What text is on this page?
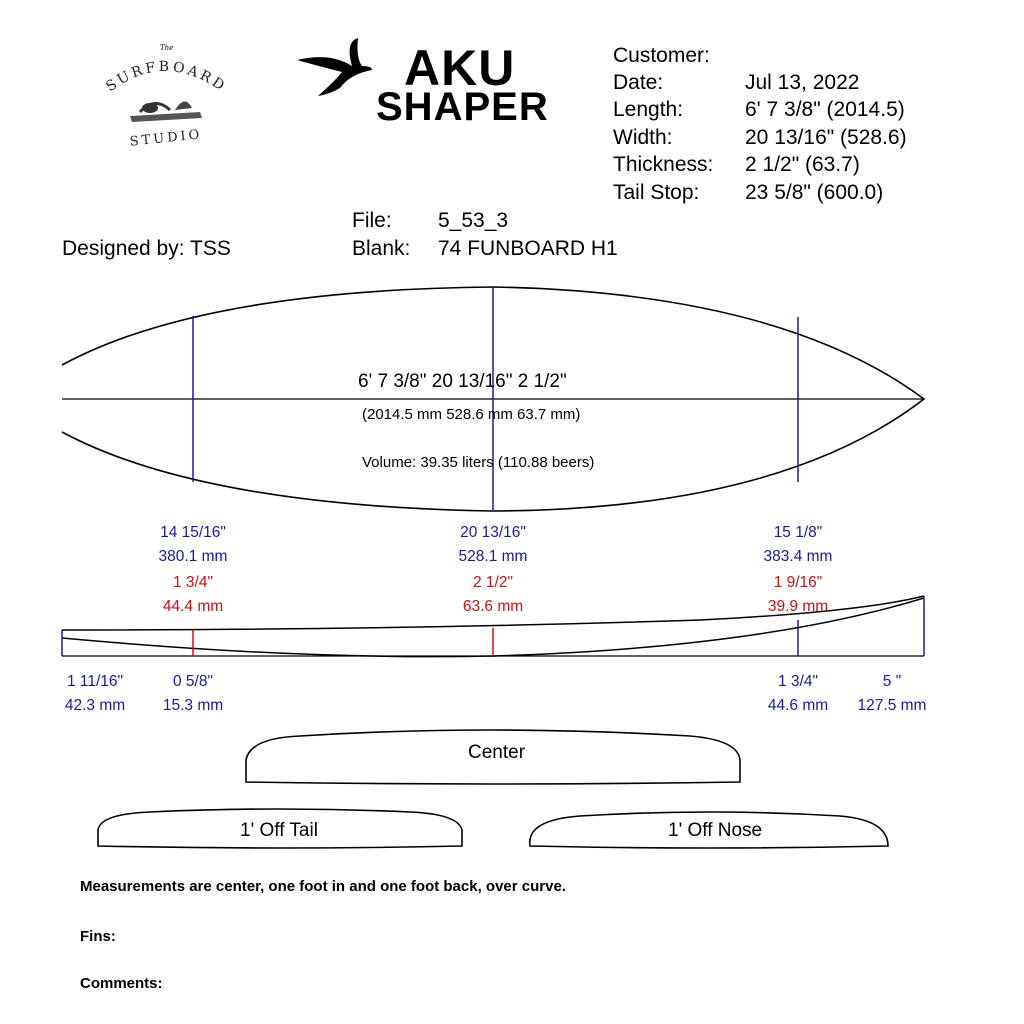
The
SURFBOARD
STUDIO
AKU
SHAPER
Customer:
Date:	Jul 13, 2022
Length:	6' 7 3/8" (2014.5)
Width:	20 13/16" (528.6)
Thickness: 2 1/2" (63.7)
Tail Stop: 23 5/8" (600.0)
File: 5_53_3
Blank: 74 FUNBOARD H1
Designed by: TSS
6' 7 3/8" 20 13/16" 2 1/2"
(2014.5 mm 528.6 mm 63.7 mm)
Volume: 39.35 liters (110.88 beers)
14 15/16"
380.1 mm
20 13/16"
528.1 mm
15 1/8"
383.4 mm
1 3/4"
44.4 mm
2 1/2"
63.6 mm
1 9/16"
39.9 mm
1 11/16"
42.3 mm
0 5/8"
15.3 mm
1 3/4"
44.6 mm
5 "
127.5 mm
Center
1' Off Tail	1' Off Nose
Measurements are center, one foot in and one foot back, over curve.
Fins:
Comments:
